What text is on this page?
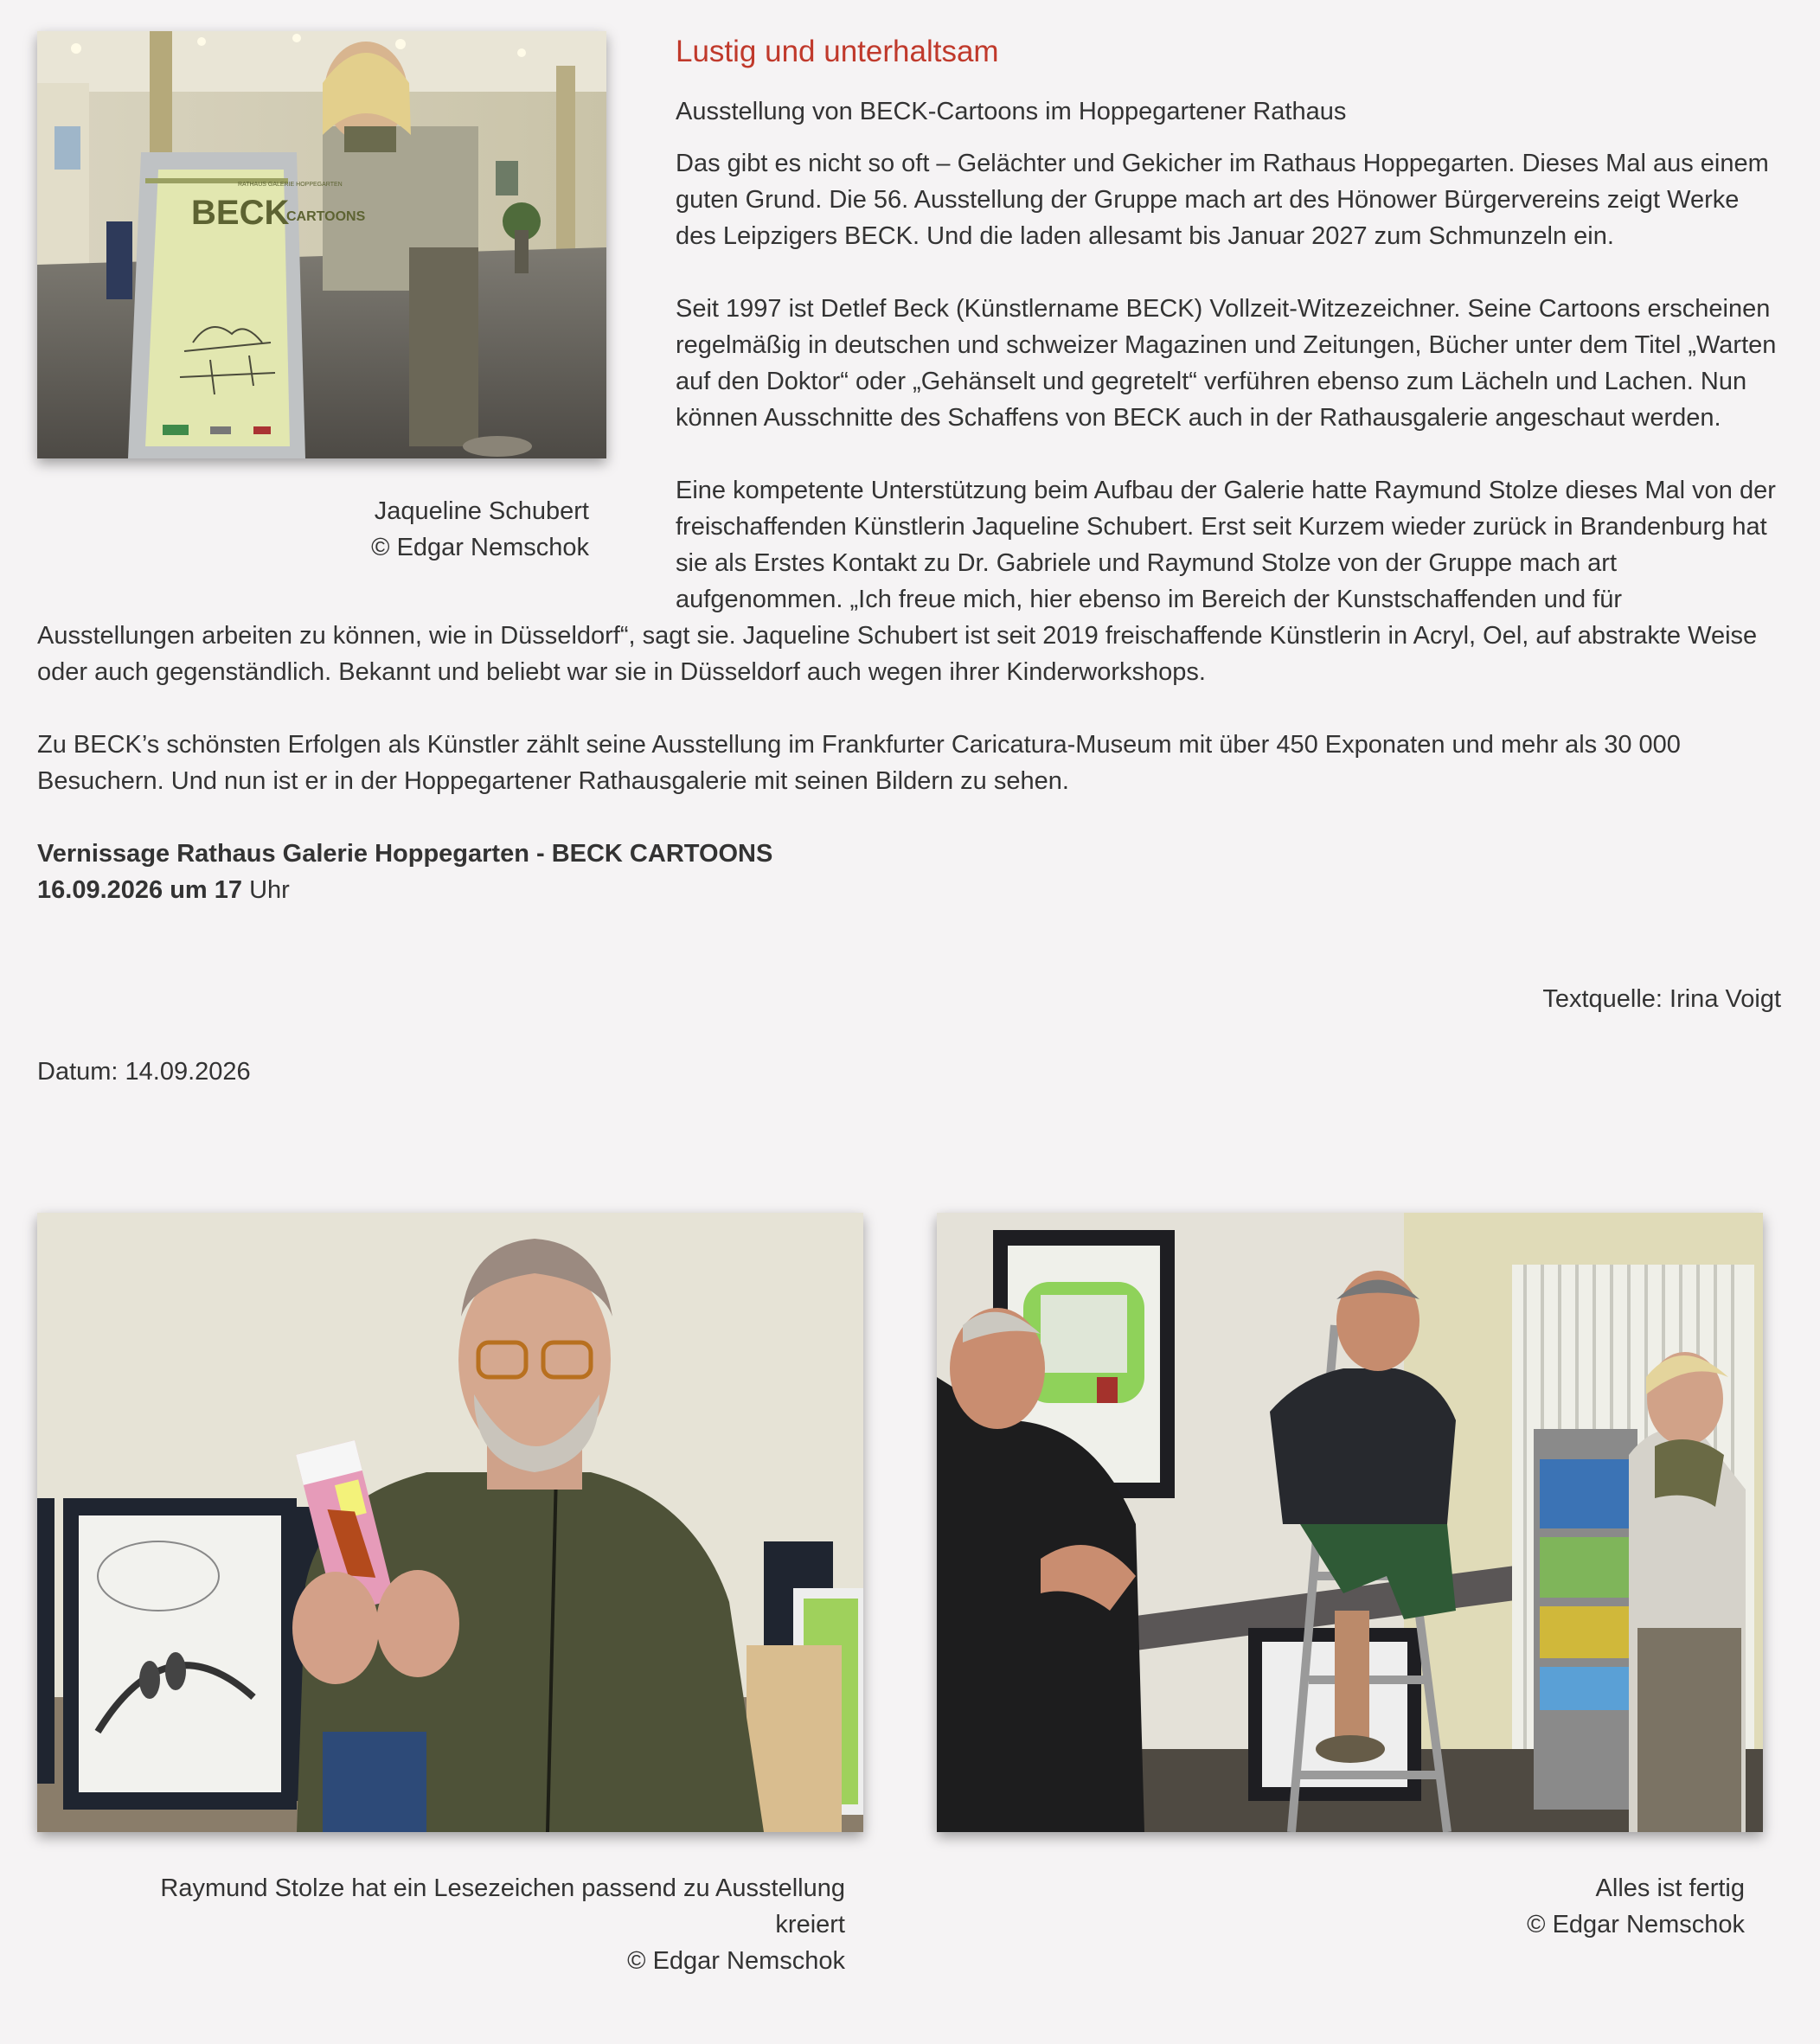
BECK
CARTOONS
RATHAUS GALERIE HOPPEGARTEN
Jaqueline Schubert
© Edgar Nemschok
Lustig und unterhaltsam

Ausstellung von BECK-Cartoons im Hoppegartener Rathaus

Das gibt es nicht so oft – Gelächter und Gekicher im Rathaus Hoppegarten. Dieses Mal aus einem guten Grund. Die 56. Ausstellung der Gruppe mach art des Hönower Bürgervereins zeigt Werke des Leipzigers BECK. Und die laden allesamt bis Januar 2027 zum Schmunzeln ein.

Seit 1997 ist Detlef Beck (Künstlername BECK) Vollzeit-Witzezeichner. Seine Cartoons erscheinen regelmäßig in deutschen und schweizer Magazinen und Zeitungen, Bücher unter dem Titel „Warten auf den Doktor“ oder „Gehänselt und gegretelt“ verführen ebenso zum Lächeln und Lachen. Nun können Ausschnitte des Schaffens von BECK auch in der Rathausgalerie angeschaut werden.

Eine kompetente Unterstützung beim Aufbau der Galerie hatte Raymund Stolze dieses Mal von der freischaffenden Künstlerin Jaqueline Schubert. Erst seit Kurzem wieder zurück in Brandenburg hat sie als Erstes Kontakt zu Dr. Gabriele und Raymund Stolze von der Gruppe mach art aufgenommen. „Ich freue mich, hier ebenso im Bereich der Kunstschaffenden und für Ausstellungen arbeiten zu können, wie in Düsseldorf“, sagt sie. Jaqueline Schubert ist seit 2019 freischaffende Künstlerin in Acryl, Oel, auf abstrakte Weise oder auch gegenständlich. Bekannt und beliebt war sie in Düsseldorf auch wegen ihrer Kinderworkshops.

Zu BECK’s schönsten Erfolgen als Künstler zählt seine Ausstellung im Frankfurter Caricatura-Museum mit über 450 Exponaten und mehr als 30 000 Besuchern. Und nun ist er in der Hoppegartener Rathausgalerie mit seinen Bildern zu sehen.

Vernissage Rathaus Galerie Hoppegarten - BECK CARTOONS

16.09.2026 um 17 Uhr

Textquelle: Irina Voigt

Datum: 14.09.2026

Raymund Stolze hat ein Lesezeichen passend zu Ausstellung
kreiert
© Edgar Nemschok
Alles ist fertig
© Edgar Nemschok
